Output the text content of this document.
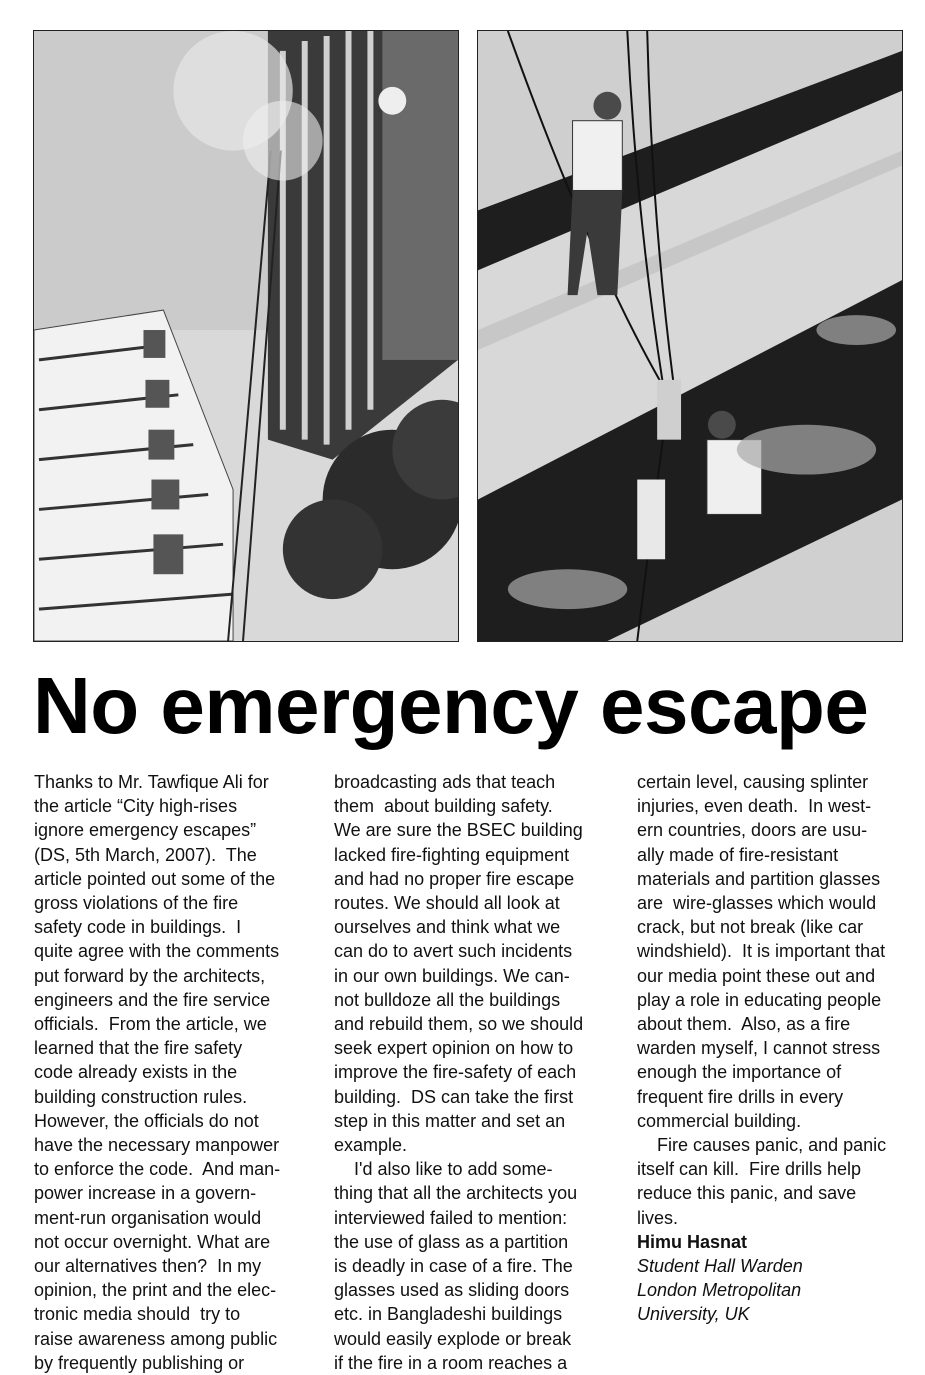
No emergency escape
Thanks to Mr. Tawfique Ali for
the article “City high-rises
ignore emergency escapes”
(DS, 5th March, 2007).  The
article pointed out some of the
gross violations of the fire
safety code in buildings.  I
quite agree with the comments
put forward by the architects,
engineers and the fire service
officials.  From the article, we
learned that the fire safety
code already exists in the
building construction rules.
However, the officials do not
have the necessary manpower
to enforce the code.  And man-
power increase in a govern-
ment-run organisation would
not occur overnight. What are
our alternatives then?  In my
opinion, the print and the elec-
tronic media should  try to
raise awareness among public
by frequently publishing or
broadcasting ads that teach
them  about building safety.
We are sure the BSEC building
lacked fire-fighting equipment
and had no proper fire escape
routes. We should all look at
ourselves and think what we
can do to avert such incidents
in our own buildings. We can-
not bulldoze all the buildings
and rebuild them, so we should
seek expert opinion on how to
improve the fire-safety of each
building.  DS can take the first
step in this matter and set an
example.
I'd also like to add some-
thing that all the architects you
interviewed failed to mention:
the use of glass as a partition
is deadly in case of a fire. The
glasses used as sliding doors
etc. in Bangladeshi buildings
would easily explode or break
if the fire in a room reaches a
certain level, causing splinter
injuries, even death.  In west-
ern countries, doors are usu-
ally made of fire-resistant
materials and partition glasses
are  wire-glasses which would
crack, but not break (like car
windshield).  It is important that
our media point these out and
play a role in educating people
about them.  Also, as a fire
warden myself, I cannot stress
enough the importance of
frequent fire drills in every
commercial building.
Fire causes panic, and panic
itself can kill.  Fire drills help
reduce this panic, and save
lives.
Himu Hasnat
Student Hall Warden
London Metropolitan
University, UK
